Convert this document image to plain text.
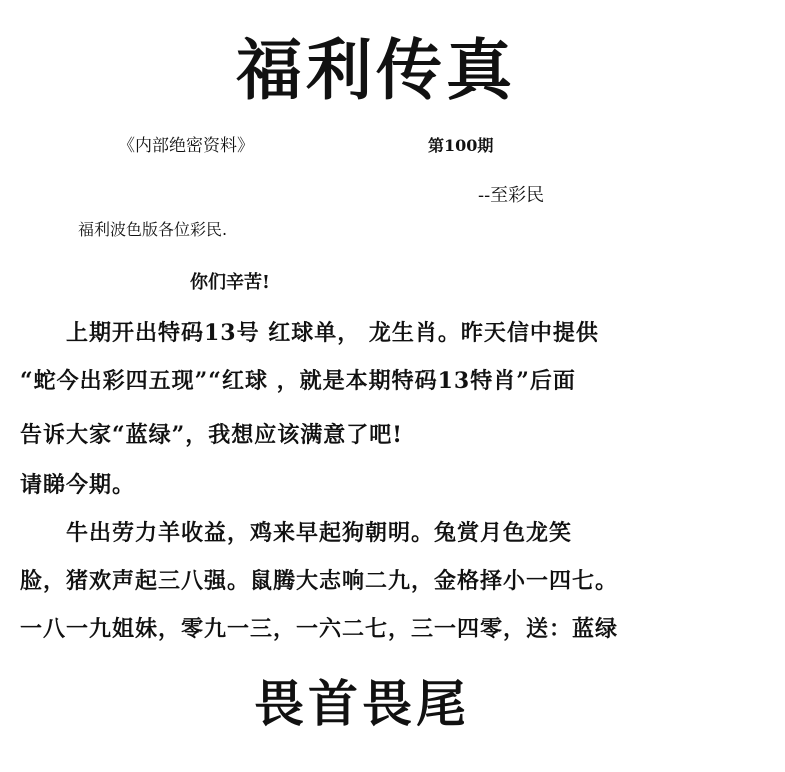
福利传真
《内部绝密资料》	第100期
--至彩民
福利波色版各位彩民.
你们辛苦!
　　上期开出特码13号 红球单， 龙生肖。昨天信中提供
“蛇今出彩四五现”“红球 ，就是本期特码13特肖”后面
告诉大家“蓝绿”，我想应该满意了吧!
请睇今期。
　　牛出劳力羊收益，鸡来早起狗朝明。兔赏月色龙笑
脸，猪欢声起三八强。鼠腾大志响二九，金格择小一四七。
一八一九姐妹，零九一三，一六二七，三一四零，送：蓝绿
畏首畏尾
